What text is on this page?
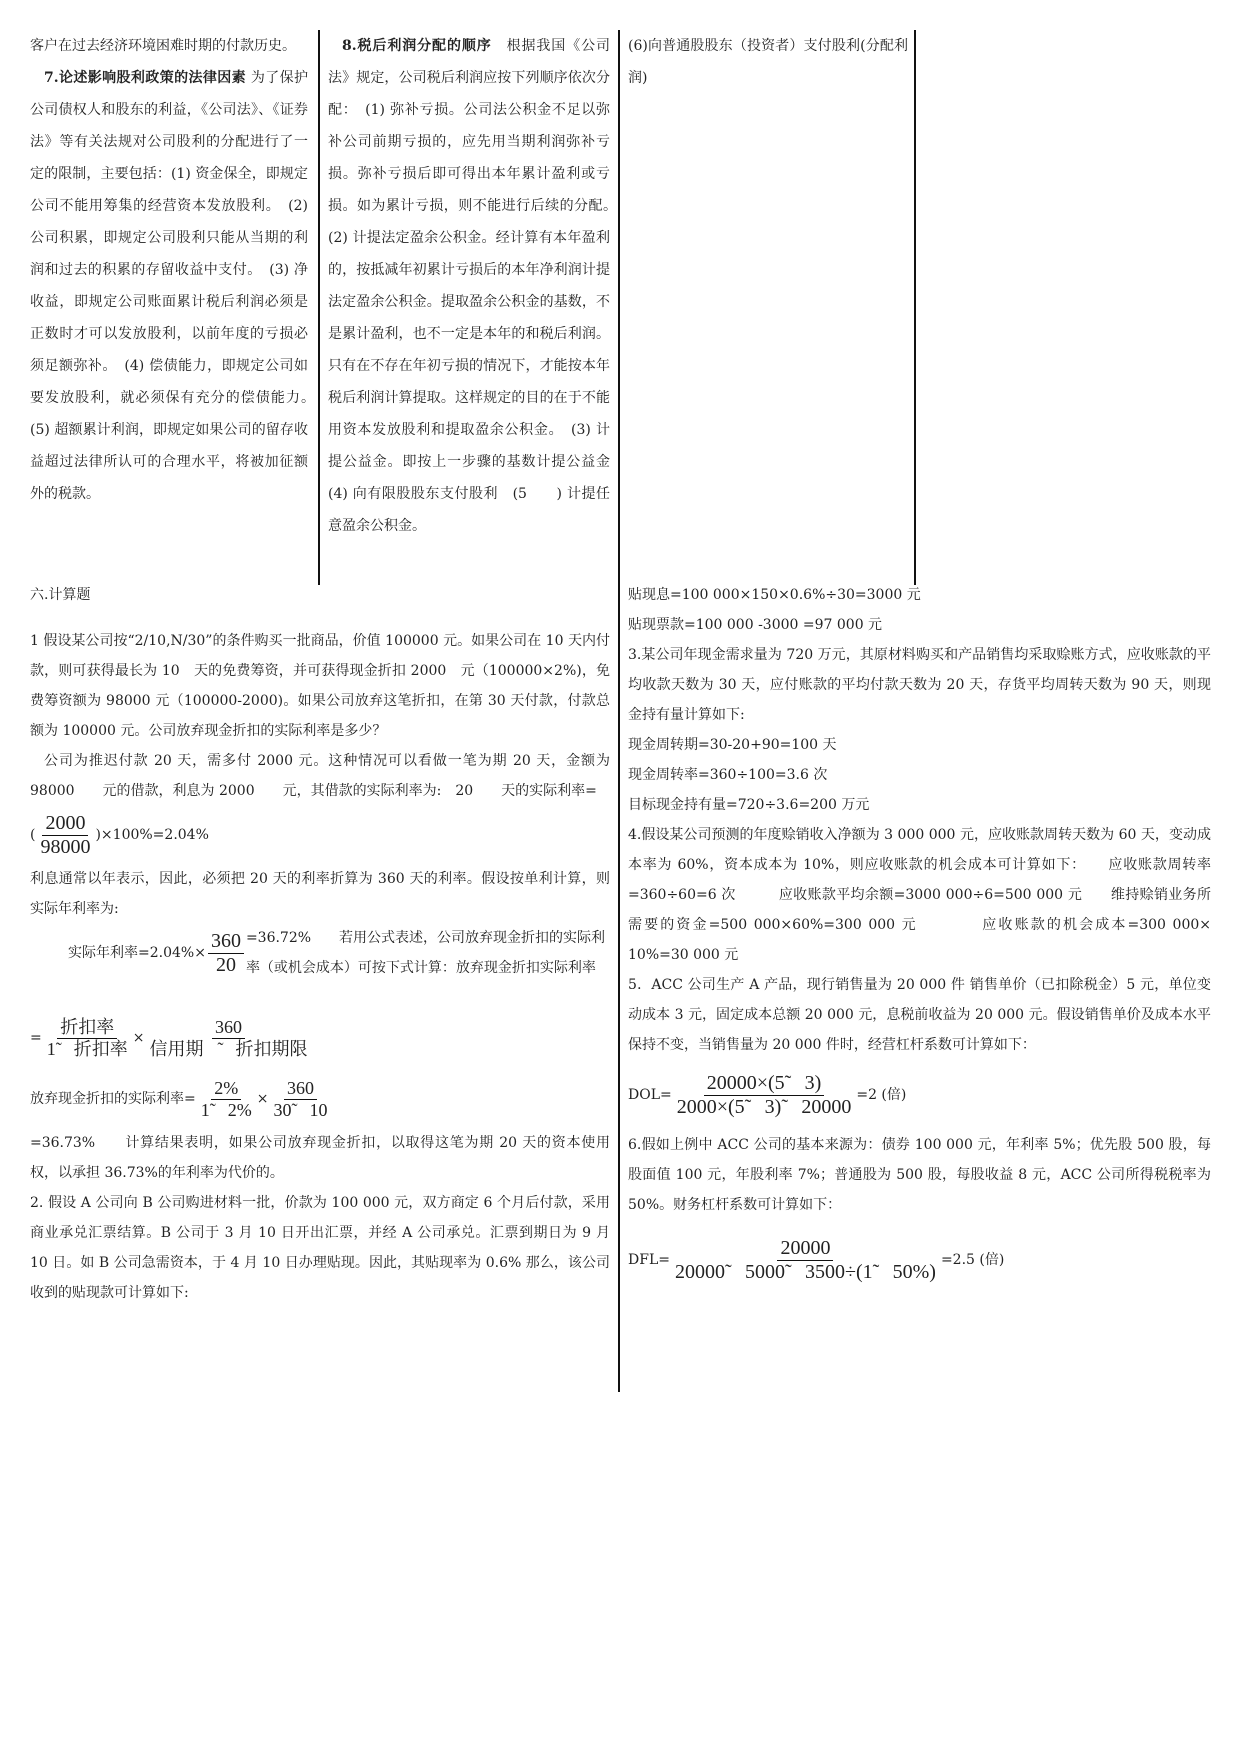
客户在过去经济环境困难时期的付款历史。

7.论述影响股利政策的法律因素 为了保护公司债权人和股东的利益，《公司法》、《证券法》等有关法规对公司股利的分配进行了一定的限制，主要包括：(1) 资金保全，即规定公司不能用筹集的经营资本发放股利。　(2) 公司积累，即规定公司股利只能从当期的利润和过去的积累的存留收益中支付。　(3) 净收益，即规定公司账面累计税后利润必须是正数时才可以发放股利，以前年度的亏损必须足额弥补。　(4) 偿债能力，即规定公司如要发放股利，就必须保有充分的偿债能力。　(5) 超额累计利润，即规定如果公司的留存收益超过法律所认可的合理水平，将被加征额外的税款。

8.税后利润分配的顺序　 根据我国《公司法》规定，公司税后利润应按下列顺序依次分配：　(1) 弥补亏损。公司法公积金不足以弥补公司前期亏损的，应先用当期利润弥补亏损。弥补亏损后即可得出本年累计盈利或亏损。如为累计亏损，则不能进行后续的分配。　(2) 计提法定盈余公积金。经计算有本年盈利的，按抵减年初累计亏损后的本年净利润计提法定盈余公积金。提取盈余公积金的基数，不是累计盈利，也不一定是本年的和税后利润。只有在不存在年初亏损的情况下，才能按本年税后利润计算提取。这样规定的目的在于不能用资本发放股利和提取盈余公积金。　(3) 计提公益金。即按上一步骤的基数计提公益金　(4) 向有限股股东支付股利　(5　　) 计提任意盈余公积金。

(6)向普通股股东（投资者）支付股利(分配利润)

六.计算题

1 假设某公司按“2/10,N/30”的条件购买一批商品，价值 100000 元。如果公司在 10 天内付款，则可获得最长为 10　天的免费筹资，并可获得现金折扣 2000　元（100000×2%)，免费筹资额为 98000 元（100000-2000)。如果公司放弃这笔折扣，在第 30 天付款，付款总额为 100000 元。公司放弃现金折扣的实际利率是多少？

公司为推迟付款 20 天，需多付 2000 元。这种情况可以看做一笔为期 20 天，金额为 98000　　元的借款，利息为 2000　　元，其借款的实际利率为:　20　　天的实际利率=

( $\frac{2000}{98000} )\times 100\%=2.04\%$

利息通常以年表示，因此，必须把 20 天的利率折算为 360 天的利率。假设按单利计算，则实际年利率为:

实际年利率$=2.04\%\times \frac{360}{20} =36.72\%$　　若用公式表述，公司放弃现金折扣的实际利率（或机会成本）可按下式计算：放弃现金折扣实际利率
= $\frac{\text{折扣率}}{\text{1̃　折扣率}} \times \frac{360}{\text{信用期限̃　折扣期限}}$
放弃现金折扣的实际利率= $\frac{2\%}{1̃ 2\%} \times \frac{360}{30̃ 10}$

=36.73%　　计算结果表明，如果公司放弃现金折扣，以取得这笔为期 20 天的资本使用权，以承担 36.73%的年利率为代价的。

2. 假设 A 公司向 B 公司购进材料一批，价款为 100 000 元，双方商定 6 个月后付款，采用商业承兑汇票结算。B 公司于 3 月 10 日开出汇票，并经 A 公司承兑。汇票到期日为 9 月 10 日。如 B 公司急需资本，于 4 月 10 日办理贴现。因此，其贴现率为 0.6% 那么，该公司收到的贴现款可计算如下:

贴现息=100 000×150×0.6%÷30=3000 元

贴现票款=100 000 -3000 =97 000 元

3.某公司年现金需求量为 720 万元，其原材料购买和产品销售均采取赊账方式，应收账款的平均收款天数为 30 天，应付账款的平均付款天数为 20 天，存货平均周转天数为 90 天，则现金持有量计算如下:

现金周转期=30-20+90=100 天

现金周转率=360÷100=3.6 次

目标现金持有量=720÷3.6=200 万元

4.假设某公司预测的年度赊销收入净额为 3 000 000 元，应收账款周转天数为 60 天，变动成本率为 60%，资本成本为 10%，则应收账款的机会成本可计算如下：　　应收账款周转率=360÷60=6 次　　　应收账款平均余额=3000 000÷6=500 000 元　　维持赊销业务所需要的资金=500 000×60%=300 000 元　　　　应收账款的机会成本=300 000× 10%=30 000 元

5．ACC 公司生产 A 产品，现行销售量为 20 000 件 销售单价（已扣除税金）5 元，单位变动成本 3 元，固定成本总额 20 000 元，息税前收益为 20 000 元。假设销售单价及成本水平保持不变，当销售量为 20 000 件时，经营杠杆系数可计算如下：

$DOL= \frac{20000\times(5̃ 3)}{2000\times(5̃ 3)̃ 20000} =2$ (倍)

6.假如上例中 ACC 公司的基本来源为：债券 100 000 元，年利率 5%；优先股 500 股，每股面值 100 元，年股利率 7%；普通股为 500 股，每股收益 8 元，ACC 公司所得税税率为 50%。财务杠杆系数可计算如下：

$DFL= \frac{20000}{20000̃ 5000̃ 3500\div(1̃ 50\%)} =2.5$ (倍)
